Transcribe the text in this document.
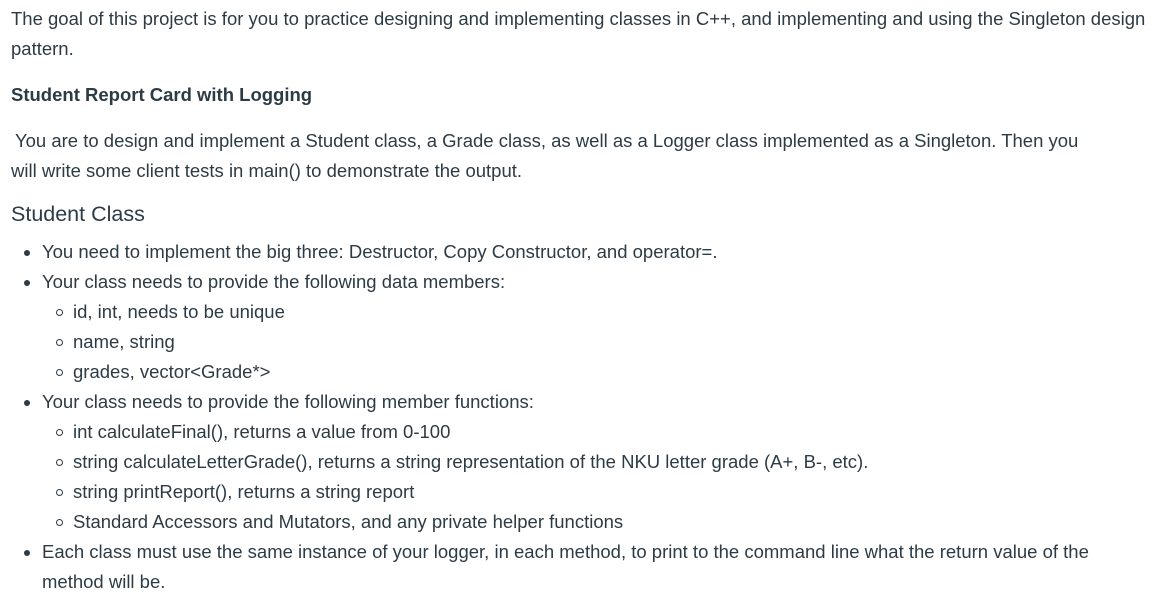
The goal of this project is for you to practice designing and implementing classes in C++, and implementing and using the Singleton design pattern.

Student Report Card with Logging

You are to design and implement a Student class, a Grade class, as well as a Logger class implemented as a Singleton. Then you
will write some client tests in main() to demonstrate the output.

Student Class
You need to implement the big three: Destructor, Copy Constructor, and operator=.
Your class needs to provide the following data members:
id, int, needs to be unique
name, string
grades, vector<Grade*>
Your class needs to provide the following member functions:
int calculateFinal(), returns a value from 0-100
string calculateLetterGrade(), returns a string representation of the NKU letter grade (A+, B-, etc).
string printReport(), returns a string report
Standard Accessors and Mutators, and any private helper functions
Each class must use the same instance of your logger, in each method, to print to the command line what the return value of the method will be.
